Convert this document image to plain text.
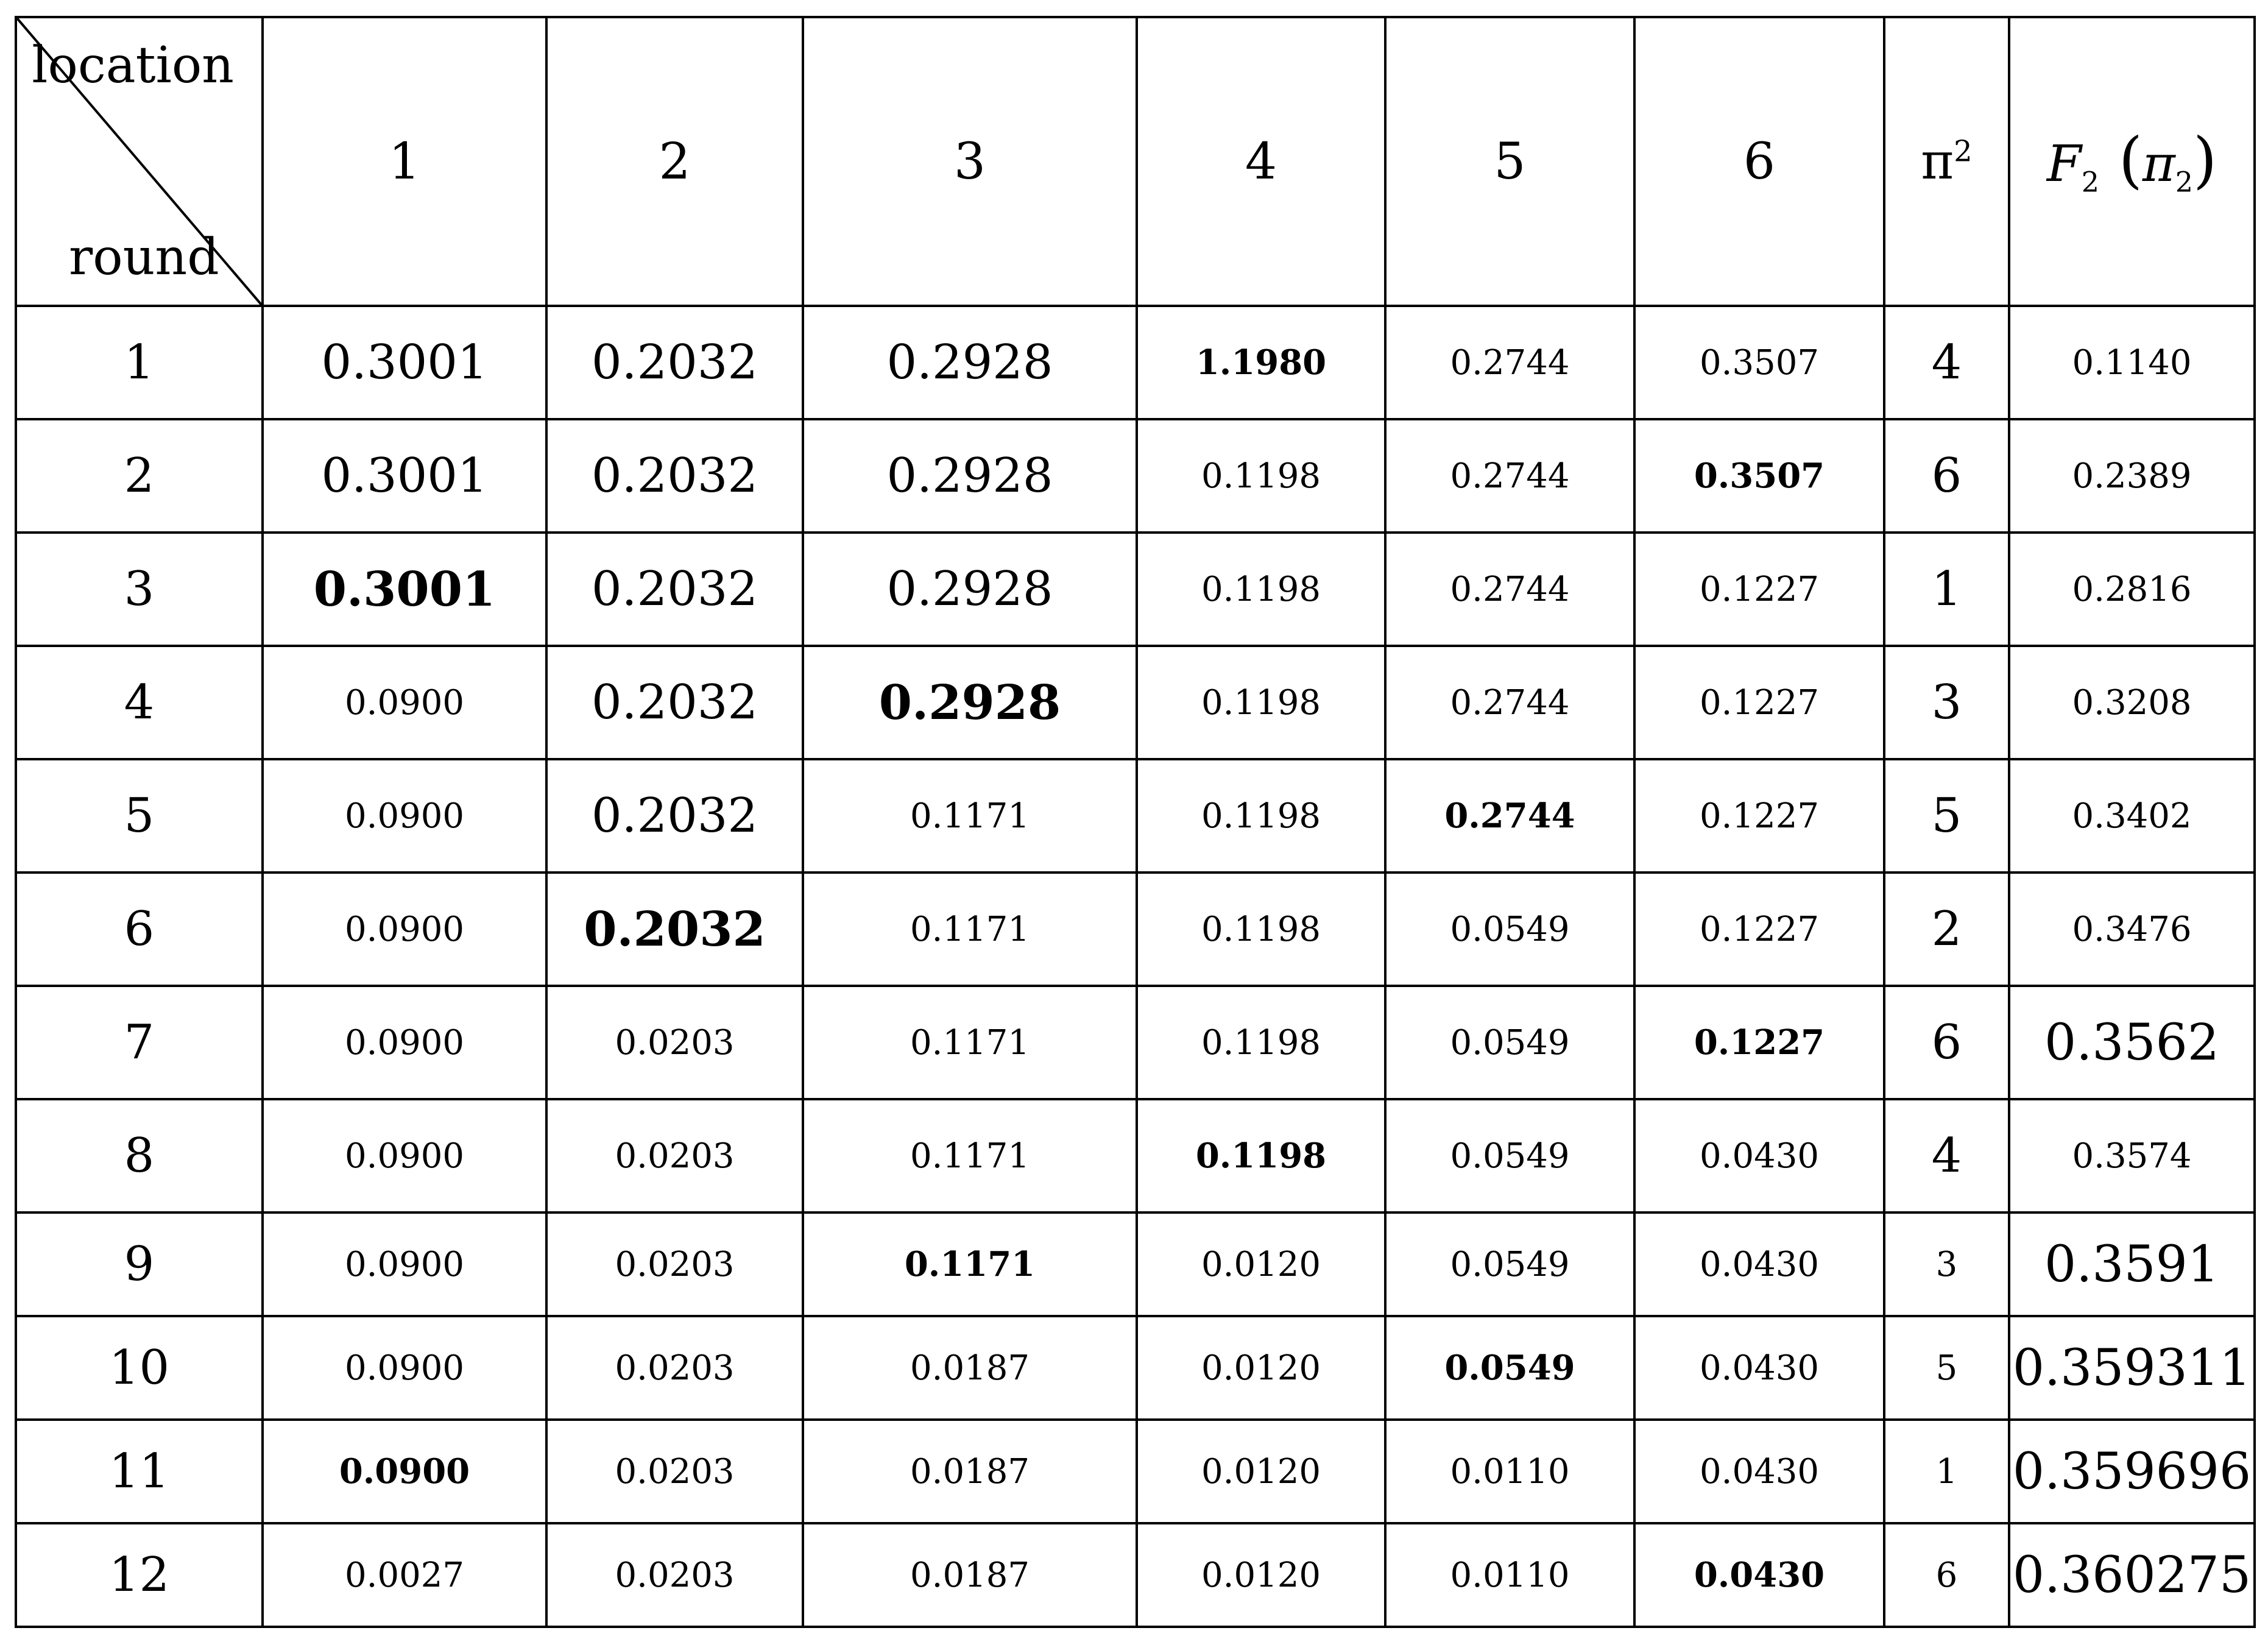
location
round	1	2	3	4	5	6	$\pi^2$	$F_2$ $(\pi_2)$
1	0.3001	0.2032	0.2928	1.1980	0.2744	0.3507	4	0.1140
2	0.3001	0.2032	0.2928	0.1198	0.2744	0.3507	6	0.2389
3	0.3001	0.2032	0.2928	0.1198	0.2744	0.1227	1	0.2816
4	0.0900	0.2032	0.2928	0.1198	0.2744	0.1227	3	0.3208
5	0.0900	0.2032	0.1171	0.1198	0.2744	0.1227	5	0.3402
6	0.0900	0.2032	0.1171	0.1198	0.0549	0.1227	2	0.3476
7	0.0900	0.0203	0.1171	0.1198	0.0549	0.1227	6	0.3562
8	0.0900	0.0203	0.1171	0.1198	0.0549	0.0430	4	0.3574
9	0.0900	0.0203	0.1171	0.0120	0.0549	0.0430	3	0.3591
10	0.0900	0.0203	0.0187	0.0120	0.0549	0.0430	5	0.359311
11	0.0900	0.0203	0.0187	0.0120	0.0110	0.0430	1	0.359696
12	0.0027	0.0203	0.0187	0.0120	0.0110	0.0430	6	0.360275
